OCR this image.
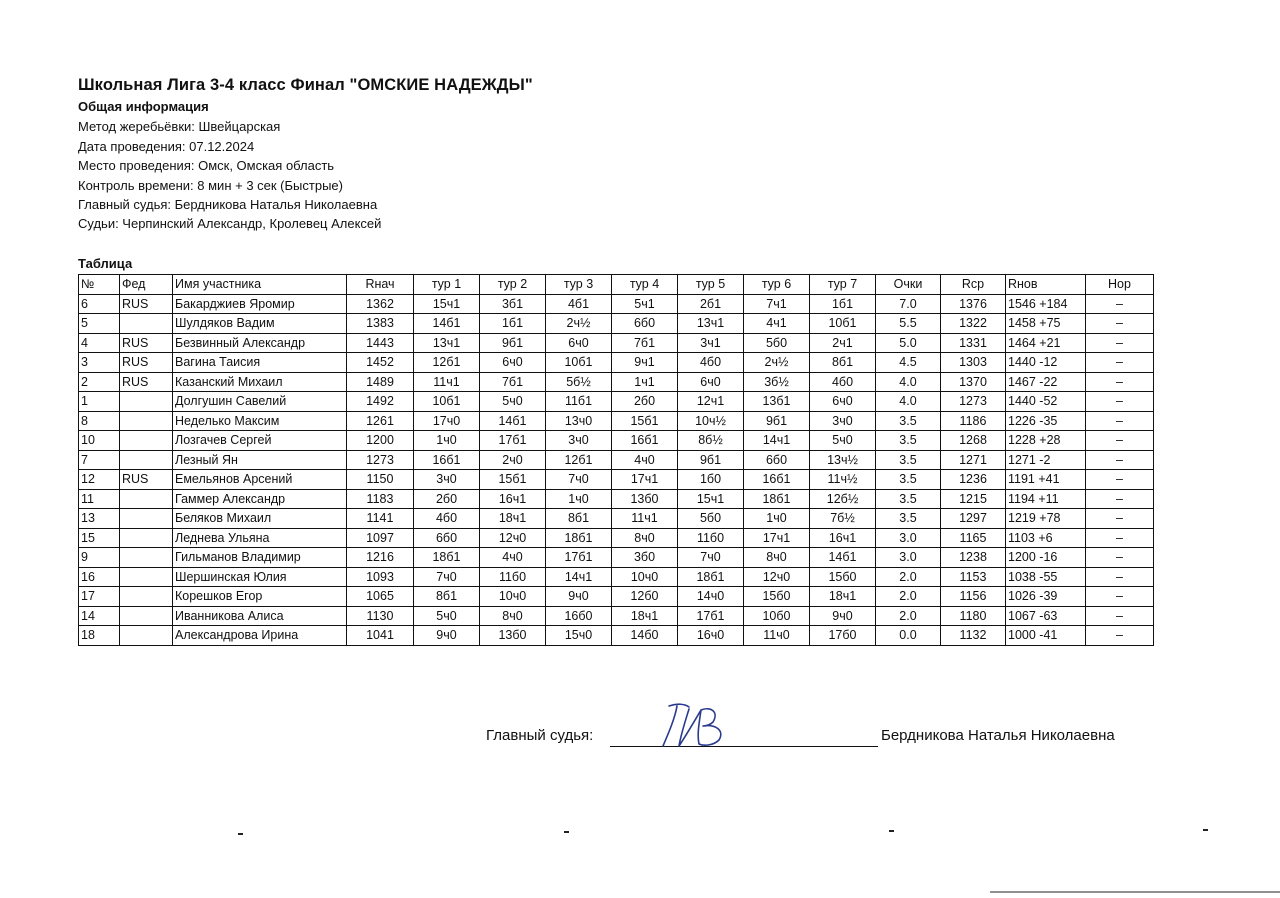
Школьная Лига 3-4 класс Финал "ОМСКИЕ НАДЕЖДЫ"
Общая информация
Метод жеребьёвки: Швейцарская
Дата проведения: 07.12.2024
Место проведения: Омск, Омская область
Контроль времени: 8 мин + 3 сек (Быстрые)
Главный судья: Бердникова Наталья Николаевна
Судьи: Черпинский Александр, Кролевец Алексей
Таблица
№	Фед	Имя участника	Rнач	тур 1	тур 2	тур 3	тур 4	тур 5	тур 6	тур 7	Очки	Rср	Rнов	Нор
6	RUS	Бакарджиев Яромир	1362	15ч1	3б1	4б1	5ч1	2б1	7ч1	1б1	7.0	1376	1546 +184	–
5		Шулдяков Вадим	1383	14б1	1б1	2ч½	6б0	13ч1	4ч1	10б1	5.5	1322	1458 +75	–
4	RUS	Безвинный Александр	1443	13ч1	9б1	6ч0	7б1	3ч1	5б0	2ч1	5.0	1331	1464 +21	–
3	RUS	Вагина Таисия	1452	12б1	6ч0	10б1	9ч1	4б0	2ч½	8б1	4.5	1303	1440 -12	–
2	RUS	Казанский Михаил	1489	11ч1	7б1	5б½	1ч1	6ч0	3б½	4б0	4.0	1370	1467 -22	–
1		Долгушин Савелий	1492	10б1	5ч0	11б1	2б0	12ч1	13б1	6ч0	4.0	1273	1440 -52	–
8		Неделько Максим	1261	17ч0	14б1	13ч0	15б1	10ч½	9б1	3ч0	3.5	1186	1226 -35	–
10		Лозгачев Сергей	1200	1ч0	17б1	3ч0	16б1	8б½	14ч1	5ч0	3.5	1268	1228 +28	–
7		Лезный Ян	1273	16б1	2ч0	12б1	4ч0	9б1	6б0	13ч½	3.5	1271	1271 -2	–
12	RUS	Емельянов Арсений	1150	3ч0	15б1	7ч0	17ч1	1б0	16б1	11ч½	3.5	1236	1191 +41	–
11		Гаммер Александр	1183	2б0	16ч1	1ч0	13б0	15ч1	18б1	12б½	3.5	1215	1194 +11	–
13		Беляков Михаил	1141	4б0	18ч1	8б1	11ч1	5б0	1ч0	7б½	3.5	1297	1219 +78	–
15		Леднева Ульяна	1097	6б0	12ч0	18б1	8ч0	11б0	17ч1	16ч1	3.0	1165	1103 +6	–
9		Гильманов Владимир	1216	18б1	4ч0	17б1	3б0	7ч0	8ч0	14б1	3.0	1238	1200 -16	–
16		Шершинская Юлия	1093	7ч0	11б0	14ч1	10ч0	18б1	12ч0	15б0	2.0	1153	1038 -55	–
17		Корешков Егор	1065	8б1	10ч0	9ч0	12б0	14ч0	15б0	18ч1	2.0	1156	1026 -39	–
14		Иванникова Алиса	1130	5ч0	8ч0	16б0	18ч1	17б1	10б0	9ч0	2.0	1180	1067 -63	–
18		Александрова Ирина	1041	9ч0	13б0	15ч0	14б0	16ч0	11ч0	17б0	0.0	1132	1000 -41	–
Главный судья:	Бердникова Наталья Николаевна
